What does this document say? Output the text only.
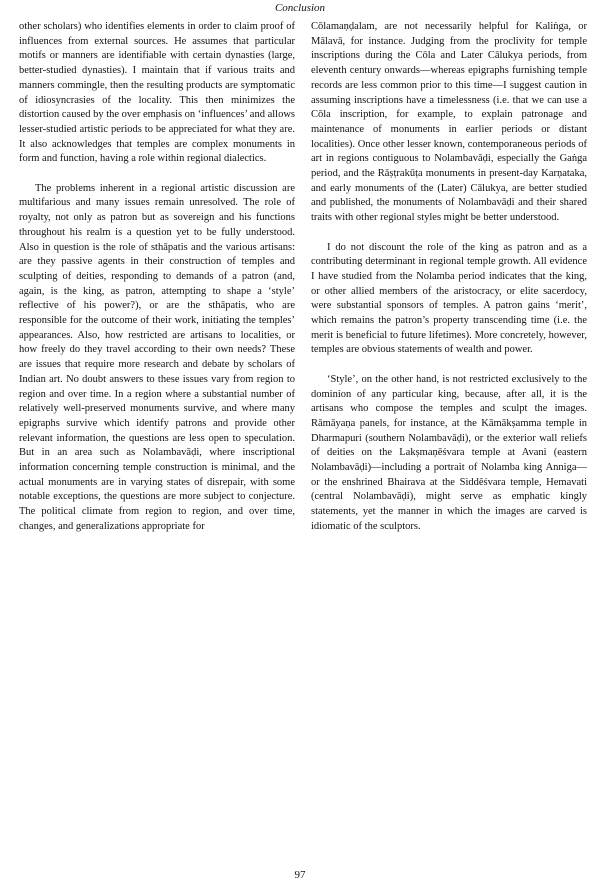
Conclusion

other scholars) who identifies elements in order to claim proof of influences from external sources. He assumes that particular motifs or manners are identifiable with certain dynasties (large, better-studied dynasties). I maintain that if various traits and manners commingle, then the resulting products are symptomatic of idiosyncrasies of the locality. This then minimizes the distortion caused by the over emphasis on ‘influences’ and allows lesser-studied artistic periods to be appreciated for what they are. It also acknowledges that temples are complex monuments in form and function, having a role within regional dialectics.

The problems inherent in a regional artistic discussion are multifarious and many issues remain unresolved. The role of royalty, not only as patron but as sovereign and his functions throughout his realm is a question yet to be fully understood. Also in question is the role of sthāpatis and the various artisans: are they passive agents in their construction of temples and sculpting of deities, responding to demands of a patron (and, again, is the king, as patron, attempting to shape a ‘style’ reflective of his power?), or are the sthāpatis, who are responsible for the outcome of their work, initiating the temples’ appearances. Also, how restricted are artisans to localities, or how freely do they travel according to their own needs? These are issues that require more research and debate by scholars of Indian art. No doubt answers to these issues vary from region to region and over time. In a region where a substantial number of relatively well-preserved monuments survive, and where many epigraphs survive which identify patrons and provide other relevant information, the questions are less open to speculation. But in an area such as Nolambavāḍi, where inscriptional information concerning temple construction is minimal, and the actual monuments are in varying states of disrepair, with some notable exceptions, the questions are more subject to conjecture. The political climate from region to region, and over time, changes, and generalizations appropriate for

Cōlamaṇḍalam, are not necessarily helpful for Kaliṅga, or Mālavā, for instance. Judging from the proclivity for temple inscriptions during the Cōla and Later Cālukya periods, from eleventh century onwards—whereas epigraphs furnishing temple records are less common prior to this time—I suggest caution in assuming inscriptions have a timelessness (i.e. that we can use a Cōla inscription, for example, to explain patronage and maintenance of monuments in earlier periods or distant localities). Once other lesser known, contemporaneous periods of art in regions contiguous to Nolambavāḍi, especially the Gaṅga period, and the Rāṣṭrakūṭa monuments in present-day Karṇataka, and early monuments of the (Later) Cālukya, are better studied and published, the monuments of Nolambavāḍi and their shared traits with other regional styles might be better understood.

I do not discount the role of the king as patron and as a contributing determinant in regional temple growth. All evidence I have studied from the Nolamba period indicates that the king, or other allied members of the aristocracy, or elite sacerdocy, were substantial sponsors of temples. A patron gains ‘merit’, which remains the patron’s property transcending time (i.e. the merit is beneficial to future lifetimes). More concretely, however, temples are obvious statements of wealth and power.

‘Style’, on the other hand, is not restricted exclusively to the dominion of any particular king, because, after all, it is the artisans who compose the temples and sculpt the images. Rāmāyaṇa panels, for instance, at the Kāmākṣamma temple in Dharmapuri (southern Nolambavāḍi), or the exterior wall reliefs of deities on the Lakṣmaṇēśvara temple at Avani (eastern Nolambavāḍi)—including a portrait of Nolamba king Anniga—or the enshrined Bhairava at the Siddēśvara temple, Hemavati (central Nolambavāḍi), might serve as emphatic kingly statements, yet the manner in which the images are carved is idiomatic of the sculptors.

97
